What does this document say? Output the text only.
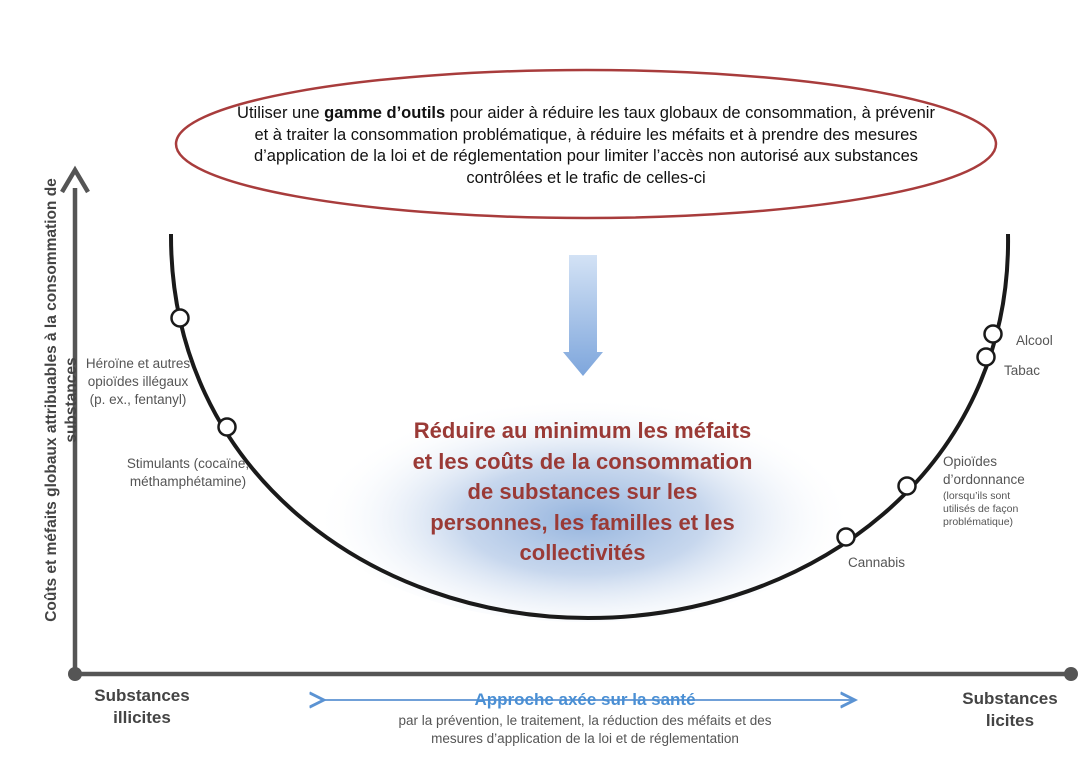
Utiliser une gamme d’outils pour aider à réduire les taux globaux de consommation, à prévenir et à traiter la consommation problématique, à réduire les méfaits et à prendre des mesures d’application de la loi et de réglementation pour limiter l’accès non autorisé aux substances contrôlées et le trafic de celles-ci
Réduire au minimum les méfaits et les coûts de la consommation de substances sur les personnes, les familles et les collectivités
Coûts et méfaits globaux attribuables à la consommation de substances Héroïne et autres opioïdes illégaux (p. ex., fentanyl)
Stimulants (cocaïne, méthamphétamine)
Alcool
Tabac
Opioïdes d’ordonnance
(lorsqu’ils sont utilisés de façon problématique)
Cannabis
Substances illicites
Substances licites
Approche axée sur la santé
par la prévention, le traitement, la réduction des méfaits et des mesures d’application de la loi et de réglementation
